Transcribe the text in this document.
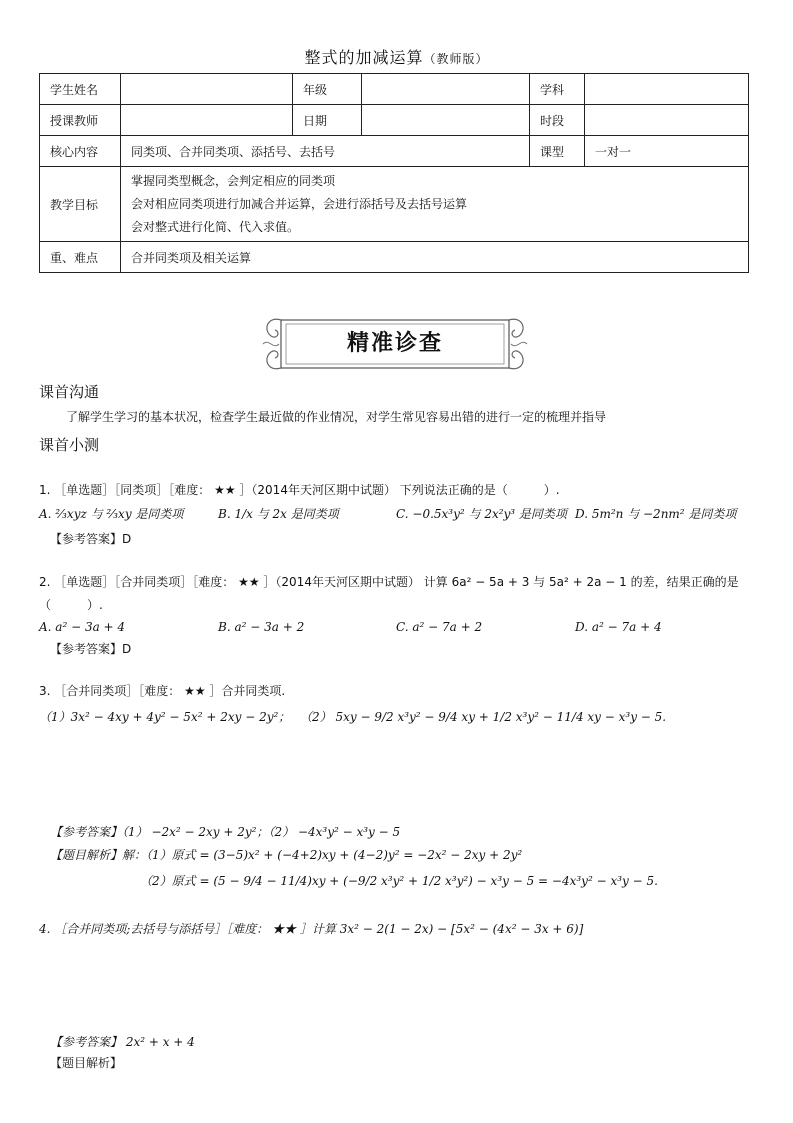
整式的加减运算（教师版）
学生姓名		年级		学科	
授课教师		日期		时段	
核心内容	同类项、合并同类项、添括号、去括号			课型	一对一
教学目标	掌握同类型概念，会判定相应的同类项
会对相应同类项进行加减合并运算，会进行添括号及去括号运算
会对整式进行化简、代入求值。				

重、难点	合并同类项及相关运算				
精准诊查
课首沟通
了解学生学习的基本状况，检查学生最近做的作业情况，对学生常见容易出错的进行一定的梳理并指导
课首小测
1. ［单选题］［同类项］［难度： ★★ ］（2014年天河区期中试题） 下列说法正确的是（　　　）.
A. ⅔xyz 与 ⅔xy 是同类项	B. 1/x 与 2x 是同类项	C. −0.5x³y² 与 2x²y³ 是同类项 D. 5m²n 与 −2nm² 是同类项
【参考答案】D
2. ［单选题］［合并同类项］［难度： ★★ ］（2014年天河区期中试题） 计算 6a² − 5a + 3 与 5a² + 2a − 1 的差，结果正确的是
（　　　）.
A. a² − 3a + 4	B. a² − 3a + 2	C. a² − 7a + 2	D. a² − 7a + 4
【参考答案】D
3. ［合并同类项］［难度： ★★ ］合并同类项.
（1）3x² − 4xy + 4y² − 5x² + 2xy − 2y²； （2） 5xy − 9/2 x³y² − 9/4 xy + 1/2 x³y² − 11/4 xy − x³y − 5.
【参考答案】（1） −2x² − 2xy + 2y²；（2） −4x³y² − x³y − 5
【题目解析】解：（1）原式 = (3−5)x² + (−4+2)xy + (4−2)y² = −2x² − 2xy + 2y²
（2）原式 = (5 − 9/4 − 11/4)xy + (−9/2 x³y² + 1/2 x³y²) − x³y − 5 = −4x³y² − x³y − 5.
4. ［合并同类项;去括号与添括号］［难度： ★★ ］计算 3x² − 2(1 − 2x) − [5x² − (4x² − 3x + 6)]
【参考答案】 2x² + x + 4
【题目解析】
